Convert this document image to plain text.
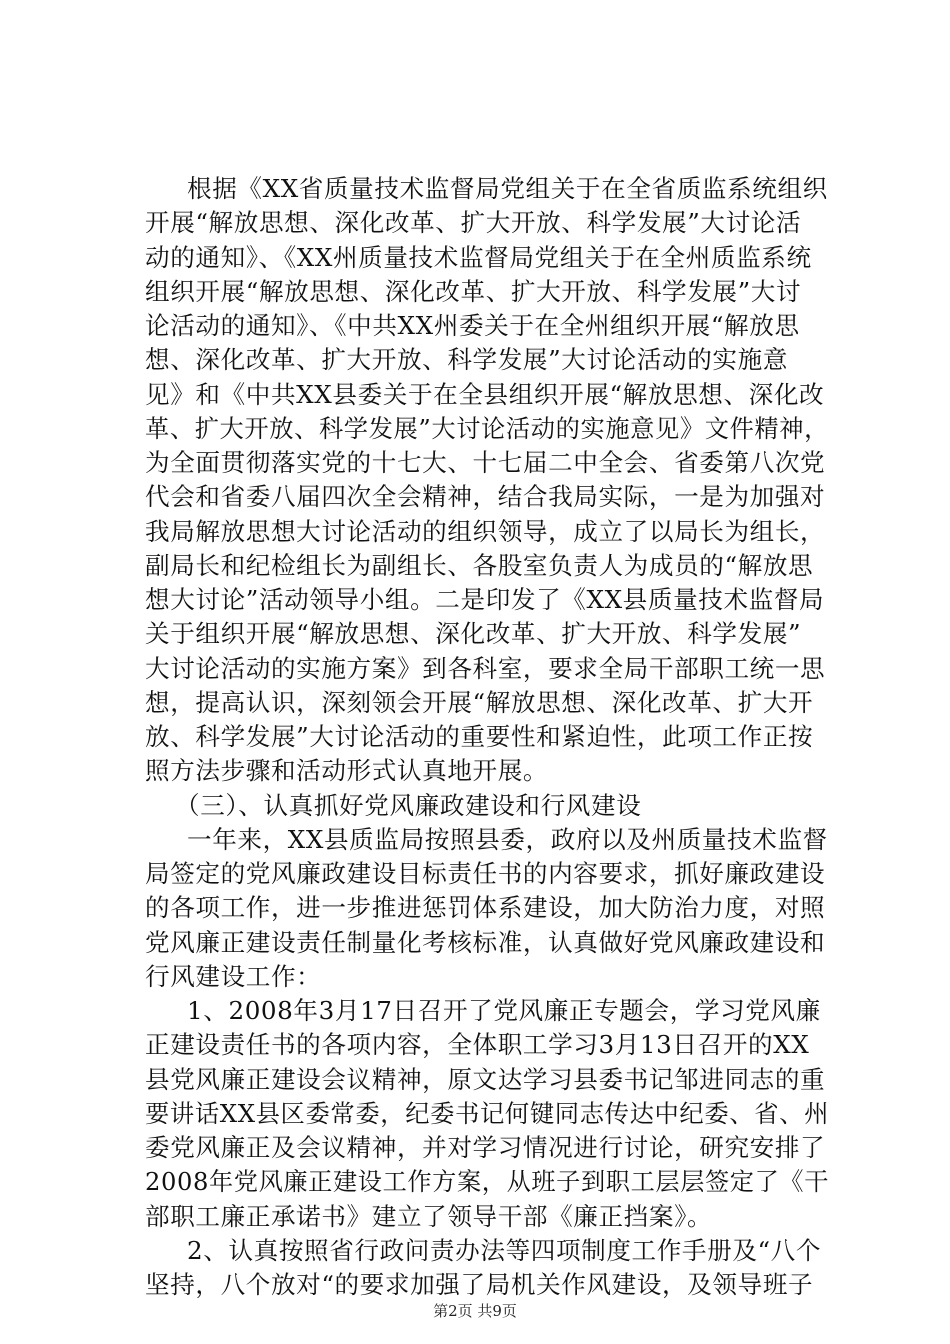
根据《XX省质量技术监督局党组关于在全省质监系统组织
开展“解放思想、深化改革、扩大开放、科学发展”大讨论活
动的通知》、《XX州质量技术监督局党组关于在全州质监系统
组织开展“解放思想、深化改革、扩大开放、科学发展”大讨
论活动的通知》、《中共XX州委关于在全州组织开展“解放思
想、深化改革、扩大开放、科学发展”大讨论活动的实施意
见》和《中共XX县委关于在全县组织开展“解放思想、深化改
革、扩大开放、科学发展”大讨论活动的实施意见》文件精神，
为全面贯彻落实党的十七大、十七届二中全会、省委第八次党
代会和省委八届四次全会精神，结合我局实际，一是为加强对
我局解放思想大讨论活动的组织领导，成立了以局长为组长，
副局长和纪检组长为副组长、各股室负责人为成员的“解放思
想大讨论”活动领导小组。二是印发了《XX县质量技术监督局
关于组织开展“解放思想、深化改革、扩大开放、科学发展”
大讨论活动的实施方案》到各科室，要求全局干部职工统一思
想，提高认识，深刻领会开展“解放思想、深化改革、扩大开
放、科学发展”大讨论活动的重要性和紧迫性，此项工作正按
照方法步骤和活动形式认真地开展。
（三）、认真抓好党风廉政建设和行风建设
一年来，XX县质监局按照县委，政府以及州质量技术监督
局签定的党风廉政建设目标责任书的内容要求，抓好廉政建设
的各项工作，进一步推进惩罚体系建设，加大防治力度，对照
党风廉正建设责任制量化考核标准，认真做好党风廉政建设和
行风建设工作：
1、2008年3月17日召开了党风廉正专题会，学习党风廉
正建设责任书的各项内容，全体职工学习3月13日召开的XX
县党风廉正建设会议精神，原文达学习县委书记邹进同志的重
要讲话XX县区委常委，纪委书记何键同志传达中纪委、省、州
委党风廉正及会议精神，并对学习情况进行讨论，研究安排了
2008年党风廉正建设工作方案，从班子到职工层层签定了《干
部职工廉正承诺书》建立了领导干部《廉正挡案》。
2、认真按照省行政问责办法等四项制度工作手册及“八个
坚持，八个放对“的要求加强了局机关作风建设，及领导班子
第2页 共9页
